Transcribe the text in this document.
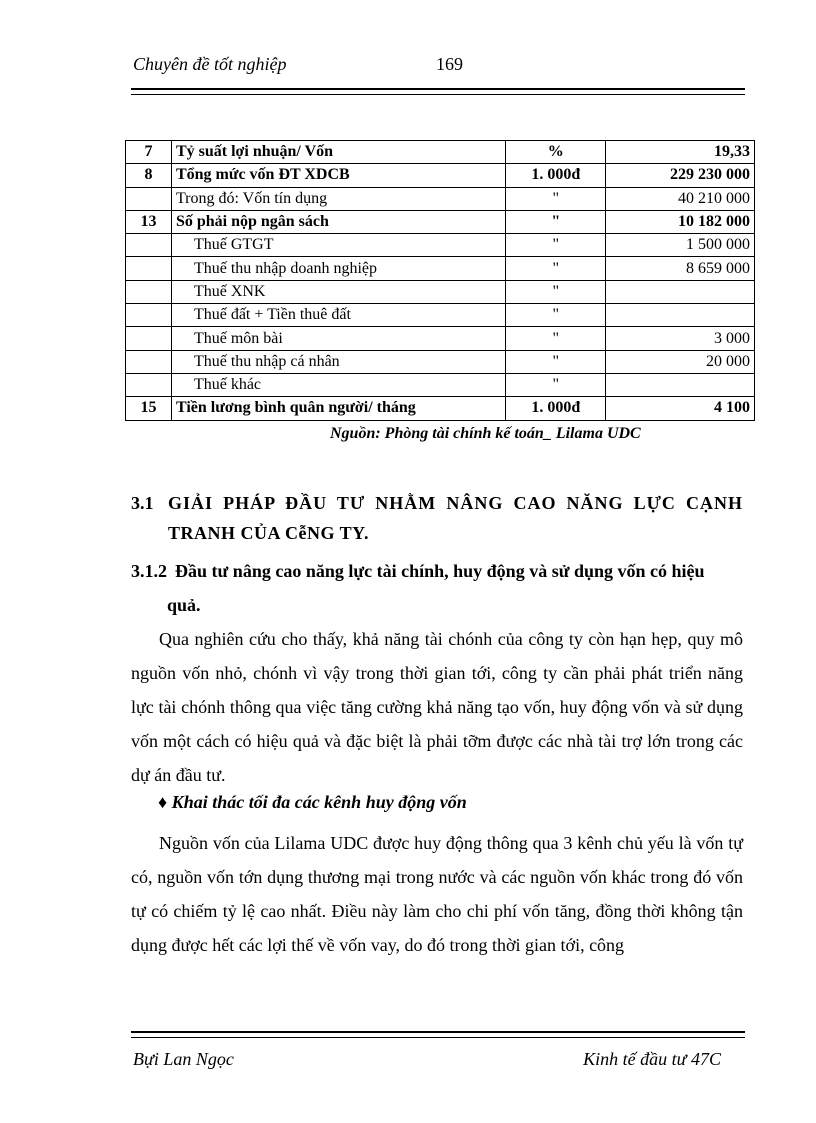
Chuyên đề tốt nghiệp	169
7	Tỷ suất lợi nhuận/ Vốn	%	19,33
8	Tổng mức vốn ĐT XDCB	1. 000đ	229 230 000
	Trong đó: Vốn tín dụng	"	40 210 000
13	Số phải nộp ngân sách	"	10 182 000
	Thuế GTGT	"	1 500 000
	Thuế thu nhập doanh nghiệp	"	8 659 000
	Thuế XNK	"	
	Thuế đất + Tiền thuê đất	"	
	Thuế môn bài	"	3 000
	Thuế thu nhập cá nhân	"	20 000
	Thuế khác	"	
15	Tiền lương bình quân người/ tháng	1. 000đ	4 100
Nguồn: Phòng tài chính kế toán_ Lilama UDC
3.1 GIẢI PHÁP ĐẦU TƯ NHẰM NÂNG CAO NĂNG LỰC CẠNH
TRANH CỦA CễNG TY.
3.1.2 Đầu tư nâng cao năng lực tài chính, huy động và sử dụng vốn có hiệu
quả.
Qua nghiên cứu cho thấy, khả năng tài chónh của công ty còn hạn hẹp, quy mô nguồn vốn nhỏ, chónh vì vậy trong thời gian tới, công ty cần phải phát triển năng lực tài chónh thông qua việc tăng cường khả năng tạo vốn, huy động vốn và sử dụng vốn một cách có hiệu quả và đặc biệt là phải tỡm được các nhà tài trợ lớn trong các dự án đầu tư.
♦ Khai thác tối đa các kênh huy động vốn
Nguồn vốn của Lilama UDC được huy động thông qua 3 kênh chủ yếu là vốn tự có, nguồn vốn tớn dụng thương mại trong nước và các nguồn vốn khác trong đó vốn tự có chiếm tỷ lệ cao nhất. Điều này làm cho chi phí vốn tăng, đồng thời không tận dụng được hết các lợi thế về vốn vay, do đó trong thời gian tới, công
Bựi Lan Ngọc	Kinh tế đầu tư 47C
